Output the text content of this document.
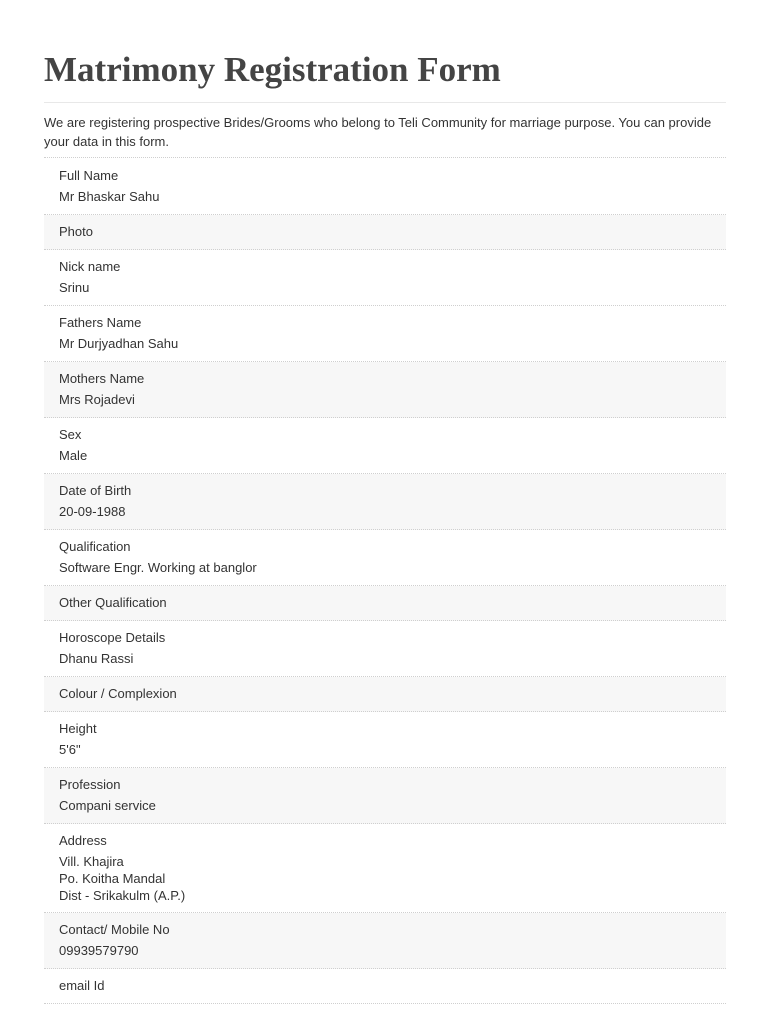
Matrimony Registration Form
We are registering prospective Brides/Grooms who belong to Teli Community for marriage purpose. You can provide your data in this form.
Full Name
Mr Bhaskar Sahu
Photo
Nick name
Srinu
Fathers Name
Mr Durjyadhan Sahu
Mothers Name
Mrs Rojadevi
Sex
Male
Date of Birth
20-09-1988
Qualification
Software Engr. Working at banglor
Other Qualification
Horoscope Details
Dhanu Rassi
Colour / Complexion
Height
5'6"
Profession
Compani service
Address
Vill. Khajira
Po. Koitha Mandal
Dist - Srikakulm (A.P.)
Contact/ Mobile No
09939579790
email Id
